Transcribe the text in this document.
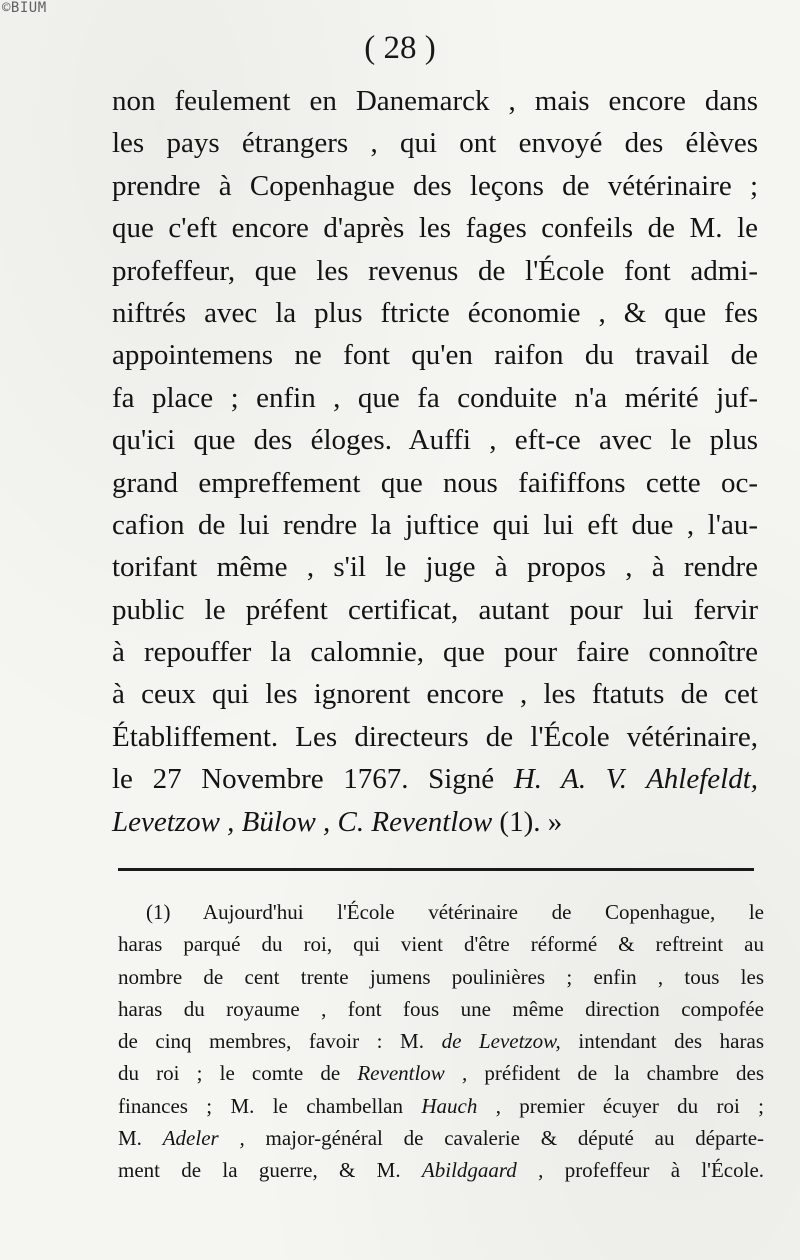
©BIUM
( 28 )
non feulement en Danemarck , mais encore dans
les pays étrangers , qui ont envoyé des élèves
prendre à Copenhague des leçons de vétérinaire ;
que c'eft encore d'après les fages confeils de M. le
profeffeur, que les revenus de l'École font admi-
niftrés avec la plus ftricte économie , & que fes
appointemens ne font qu'en raifon du travail de
fa place ; enfin , que fa conduite n'a mérité juf-
qu'ici que des éloges. Auffi , eft-ce avec le plus
grand empreffement que nous faififfons cette oc-
cafion de lui rendre la juftice qui lui eft due , l'au-
torifant même , s'il le juge à propos , à rendre
public le préfent certificat, autant pour lui fervir
à repouffer la calomnie, que pour faire connoître
à ceux qui les ignorent encore , les ftatuts de cet
Établiffement. Les directeurs de l'École vétérinaire,
le 27 Novembre 1767. Signé H. A. V. Ahlefeldt,
Levetzow , Bülow , C. Reventlow (1). »
(1) Aujourd'hui l'École vétérinaire de Copenhague, le
haras parqué du roi, qui vient d'être réformé & reftreint au
nombre de cent trente jumens poulinières ; enfin , tous les
haras du royaume , font fous une même direction compofée
de cinq membres, favoir : M. de Levetzow, intendant des haras
du roi ; le comte de Reventlow , préfident de la chambre des
finances ; M. le chambellan Hauch , premier écuyer du roi ;
M. Adeler , major-général de cavalerie & député au départe-
ment de la guerre, & M. Abildgaard , profeffeur à l'École.
